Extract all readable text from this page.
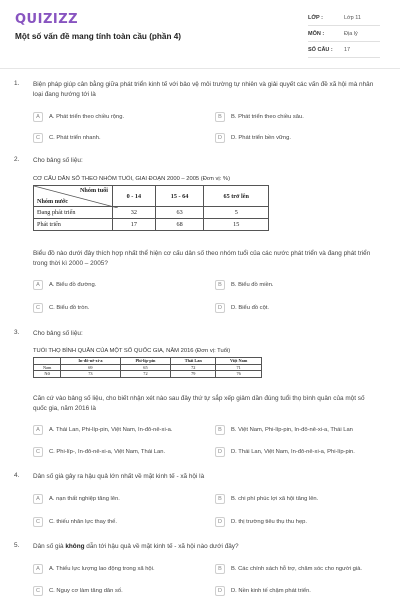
QUIZIZZ
Một số vấn đề mang tính toàn cầu (phần 4)
LỚP :	Lớp 11
MÔN :	Địa lý
SỐ CÂU :	17
1. Biện pháp giúp cân bằng giữa phát triển kinh tế với bảo vệ môi trường tự nhiên và giải quyết các vấn đề xã hội mà nhân loại đang hướng tới là
A	A. Phát triển theo chiều rộng.	B	B. Phát triển theo chiều sâu.
C	C. Phát triển nhanh.	D	D. Phát triển bền vững.
2. Cho bảng số liệu:
CƠ CẤU DÂN SỐ THEO NHÓM TUỔI, GIAI ĐOẠN 2000 – 2005 (Đơn vị: %)
Nhóm tuổi
Nhóm nước	0 - 14	15 - 64	65 trở lên
Đang phát triển	32	63	5
Phát triển	17	68	15
Biểu đồ nào dưới đây thích hợp nhất thể hiện cơ cấu dân số theo nhóm tuổi của các nước phát triển và đang phát triển trong thời kì 2000 – 2005?
A	A. Biểu đồ đường.	B	B. Biểu đồ miền.
C	C. Biểu đồ tròn.	D	D. Biểu đồ cột.
3. Cho bảng số liệu:
TUỔI THỌ BÌNH QUÂN CỦA MỘT SỐ QUỐC GIA, NĂM 2016 (Đơn vị: Tuổi)
	In-đô-nê-xi-a	Phi-líp-pin	Thái Lan	Việt Nam
Nam	69	65	72	71
Nữ	73	72	79	76
Căn cứ vào bảng số liệu, cho biết nhận xét nào sau đây thứ tự sắp xếp giảm dần đúng tuổi thọ bình quân của một số quốc gia, năm 2016 là
A	A. Thái Lan, Phi-líp-pin, Việt Nam, In-đô-nê-xi-a.	B	B. Việt Nam, Phi-líp-pin, In-đô-nê-xi-a, Thái Lan
C	C. Phi-líp-, In-đô-nê-xi-a, Việt Nam, Thái Lan.	D	D. Thái Lan, Việt Nam, In-đô-nê-xi-a, Phi-líp-pin.
4. Dân số già gây ra hậu quả lớn nhất về mặt kinh tế - xã hội là
A	A. nạn thất nghiệp tăng lên.	B	B. chi phí phúc lợi xã hội tăng lên.
C	C. thiếu nhân lực thay thế.	D	D. thị trường tiêu thụ thu hẹp.
5. Dân số già không dẫn tới hậu quả về mặt kinh tế - xã hội nào dưới đây?
A	A. Thiếu lực lượng lao động trong xã hội.	B	B. Các chính sách hỗ trợ, chăm sóc cho người già.
C	C. Nguy cơ làm tăng dân số.	D	D. Nền kinh tế chậm phát triển.
